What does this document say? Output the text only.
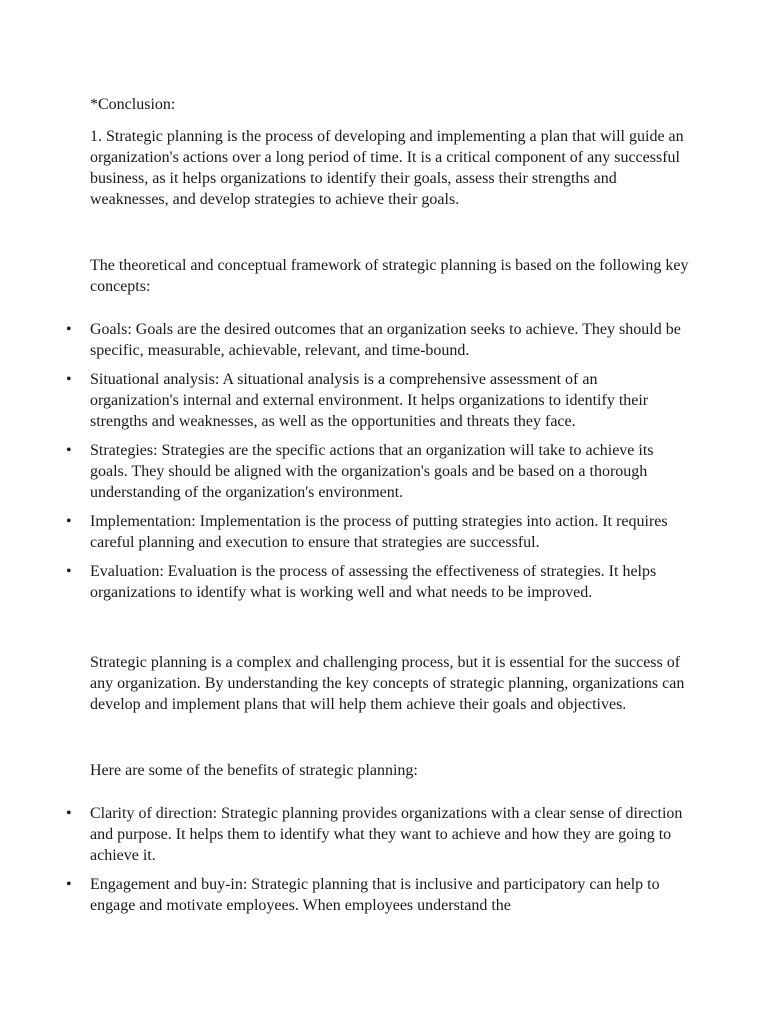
*Conclusion:

1. Strategic planning is the process of developing and implementing a plan that will guide an organization's actions over a long period of time. It is a critical component of any successful business, as it helps organizations to identify their goals, assess their strengths and weaknesses, and develop strategies to achieve their goals.

The theoretical and conceptual framework of strategic planning is based on the following key concepts:

• Goals: Goals are the desired outcomes that an organization seeks to achieve. They should be specific, measurable, achievable, relevant, and time-bound.
• Situational analysis: A situational analysis is a comprehensive assessment of an organization's internal and external environment. It helps organizations to identify their strengths and weaknesses, as well as the opportunities and threats they face.
• Strategies: Strategies are the specific actions that an organization will take to achieve its goals. They should be aligned with the organization's goals and be based on a thorough understanding of the organization's environment.
• Implementation: Implementation is the process of putting strategies into action. It requires careful planning and execution to ensure that strategies are successful.
• Evaluation: Evaluation is the process of assessing the effectiveness of strategies. It helps organizations to identify what is working well and what needs to be improved.

Strategic planning is a complex and challenging process, but it is essential for the success of any organization. By understanding the key concepts of strategic planning, organizations can develop and implement plans that will help them achieve their goals and objectives.

Here are some of the benefits of strategic planning:

• Clarity of direction: Strategic planning provides organizations with a clear sense of direction and purpose. It helps them to identify what they want to achieve and how they are going to achieve it.
• Engagement and buy-in: Strategic planning that is inclusive and participatory can help to engage and motivate employees. When employees understand the
